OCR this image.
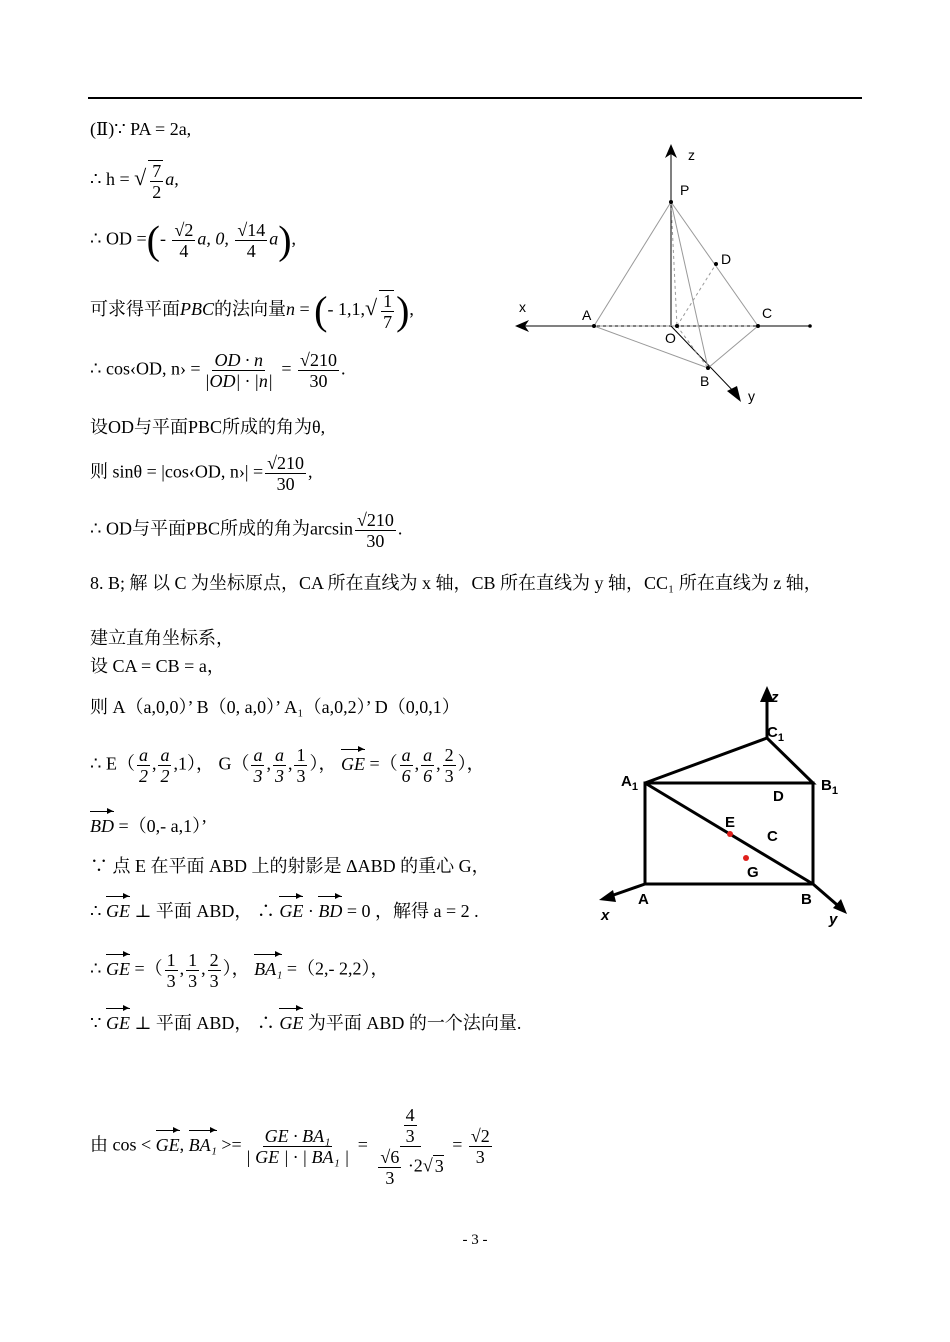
(Ⅱ)∵ PA = 2a,
∴ h = √ $\frac{7}{2} a$,
∴ OD =(- $\frac{√2}{4} a$, 0, $\frac{√14}{4} a$),
可求得平面PBC的法向量n = (- $1,1,√ \frac{1}{7}$ ),
∴ cos‹OD, n› = $\frac{OD \cdot n}{|OD| \cdot |n|} = \frac{√210}{30}$ .
设OD与平面PBC所成的角为θ,
则 sinθ = |cos‹OD, n›| = $\frac{√210}{30}$ ,
∴ OD与平面PBC所成的角为$\arcsin \frac{√210}{30}$ .
8. B; 解 以 C 为坐标原点，CA 所在直线为 x 轴，CB 所在直线为 y 轴，CC₁ 所在直线为 z 轴，
建立直角坐标系，
设 CA = CB = a，
则 A（a,0,0）’ B（0, a,0）’ A₁（a,0,2）’ D（0,0,1）
∴ $E( \frac{a}{2}$ , $\frac{a}{2} ,1$）， $G( \frac{a}{3}$ , $\frac{a}{3}$ , $\frac{1}{3}$ ）， GE =（ $\frac{a}{6}$ , $\frac{a}{6}$ , $\frac{2}{3}$ ），
BD =（0,- a,1）’
∵ 点 E 在平面 ABD 上的射影是 ΔABD 的重心 G，
∴ GE ⊥ 平面 ABD， ∴ GE · BD = 0 ，解得 a = 2 .
∴ GE =（ $\frac{1}{3}$ , $\frac{1}{3}$ , $\frac{2}{3}$ ）， BA₁ =（2,- 2,2），
∵ GE ⊥ 平面 ABD， ∴ GE 为平面 ABD 的一个法向量.
由 cos < GE, $BA_1 >= \frac{\text{GE · BA₁}}{\text{| GE | · | BA₁ |}} = \frac{\frac{4}{3}}{\frac{√6}{3} \cdot 2√ 3} = \frac{√2}{3}$
z
P
D
x	A	C
O
B
y
z
$C_1$
$A_1$	$B_1$
D
E
C
G
A	B
x	y
- 3 -
